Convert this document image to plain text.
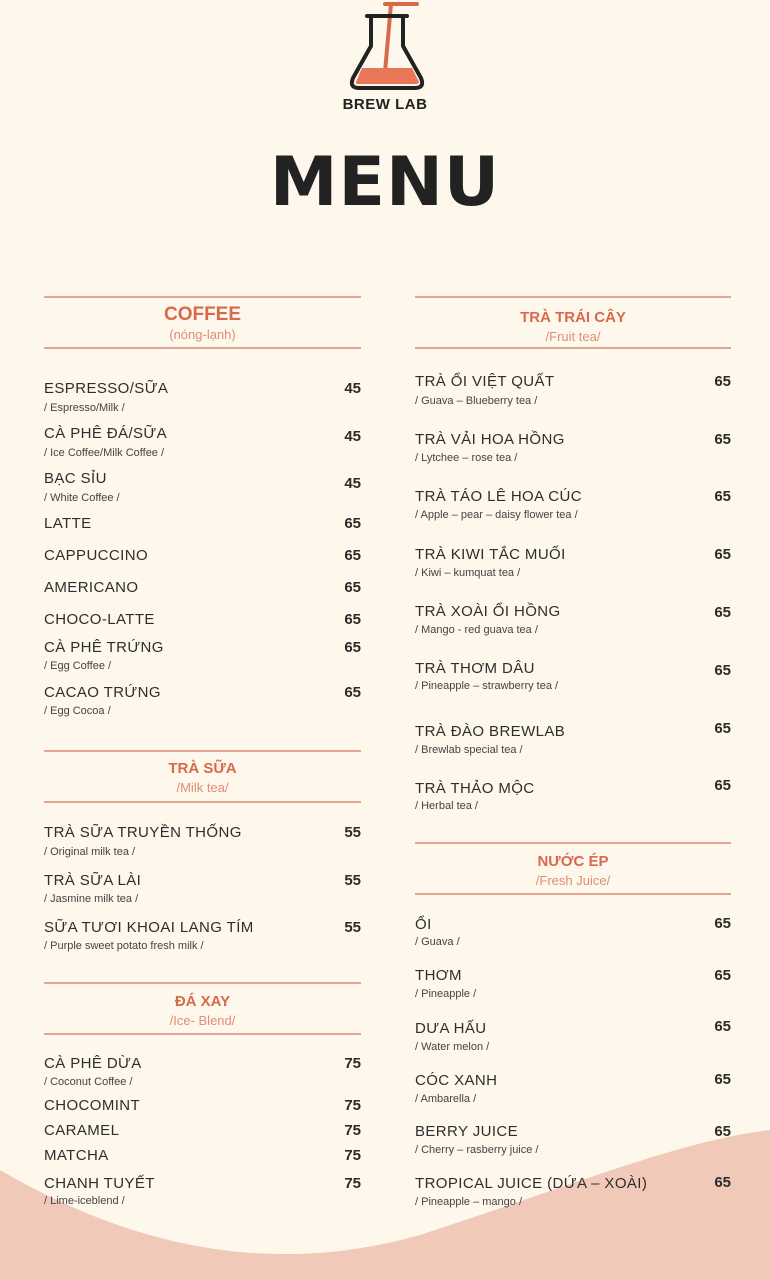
BREW LAB
MENU
COFFEE
(nóng-lạnh)
ESPRESSO/SỮA	45
/ Espresso/Milk /
CÀ PHÊ ĐÁ/SỮA	45
/ Ice Coffee/Milk Coffee /
BẠC SỈU	45
/ White Coffee /
LATTE	65
CAPPUCCINO	65
AMERICANO	65
CHOCO-LATTE	65
CÀ PHÊ TRỨNG	65
/ Egg Coffee /
CACAO TRỨNG	65
/ Egg Cocoa /
TRÀ SỮA
/Milk tea/
TRÀ SỮA TRUYỀN THỐNG	55
/ Original milk tea /
TRÀ SỮA LÀI	55
/ Jasmine milk tea /
SỮA TƯƠI KHOAI LANG TÍM	55
/ Purple sweet potato fresh milk /
ĐÁ XAY
/Ice- Blend/
CÀ PHÊ DỪA	75
/ Coconut Coffee /
CHOCOMINT	75
CARAMEL	75
MATCHA	75
CHANH TUYẾT	75
/ Lime-iceblend /
TRÀ TRÁI CÂY
/Fruit tea/
TRÀ ỔI VIỆT QUẤT	65
/ Guava – Blueberry tea /
TRÀ VẢI HOA HỒNG	65
/ Lytchee – rose tea /
TRÀ TÁO LÊ HOA CÚC	65
/ Apple – pear – daisy flower tea /
TRÀ KIWI TẮC MUỐI	65
/ Kiwi – kumquat tea /
TRÀ XOÀI ỔI HỒNG	65
/ Mango - red guava tea /
TRÀ THƠM DÂU	65
/ Pineapple – strawberry tea /
TRÀ ĐÀO BREWLAB	65
/ Brewlab special tea /
TRÀ THẢO MỘC	65
/ Herbal tea /
NƯỚC ÉP
/Fresh Juice/
ỔI	65
/ Guava /
THƠM	65
/ Pineapple /
DƯA HẤU	65
/ Water melon /
CÓC XANH	65
/ Ambarella /
BERRY JUICE	65
/ Cherry – rasberry juice /
TROPICAL JUICE (DỨA – XOÀI)	65
/ Pineapple – mango /
